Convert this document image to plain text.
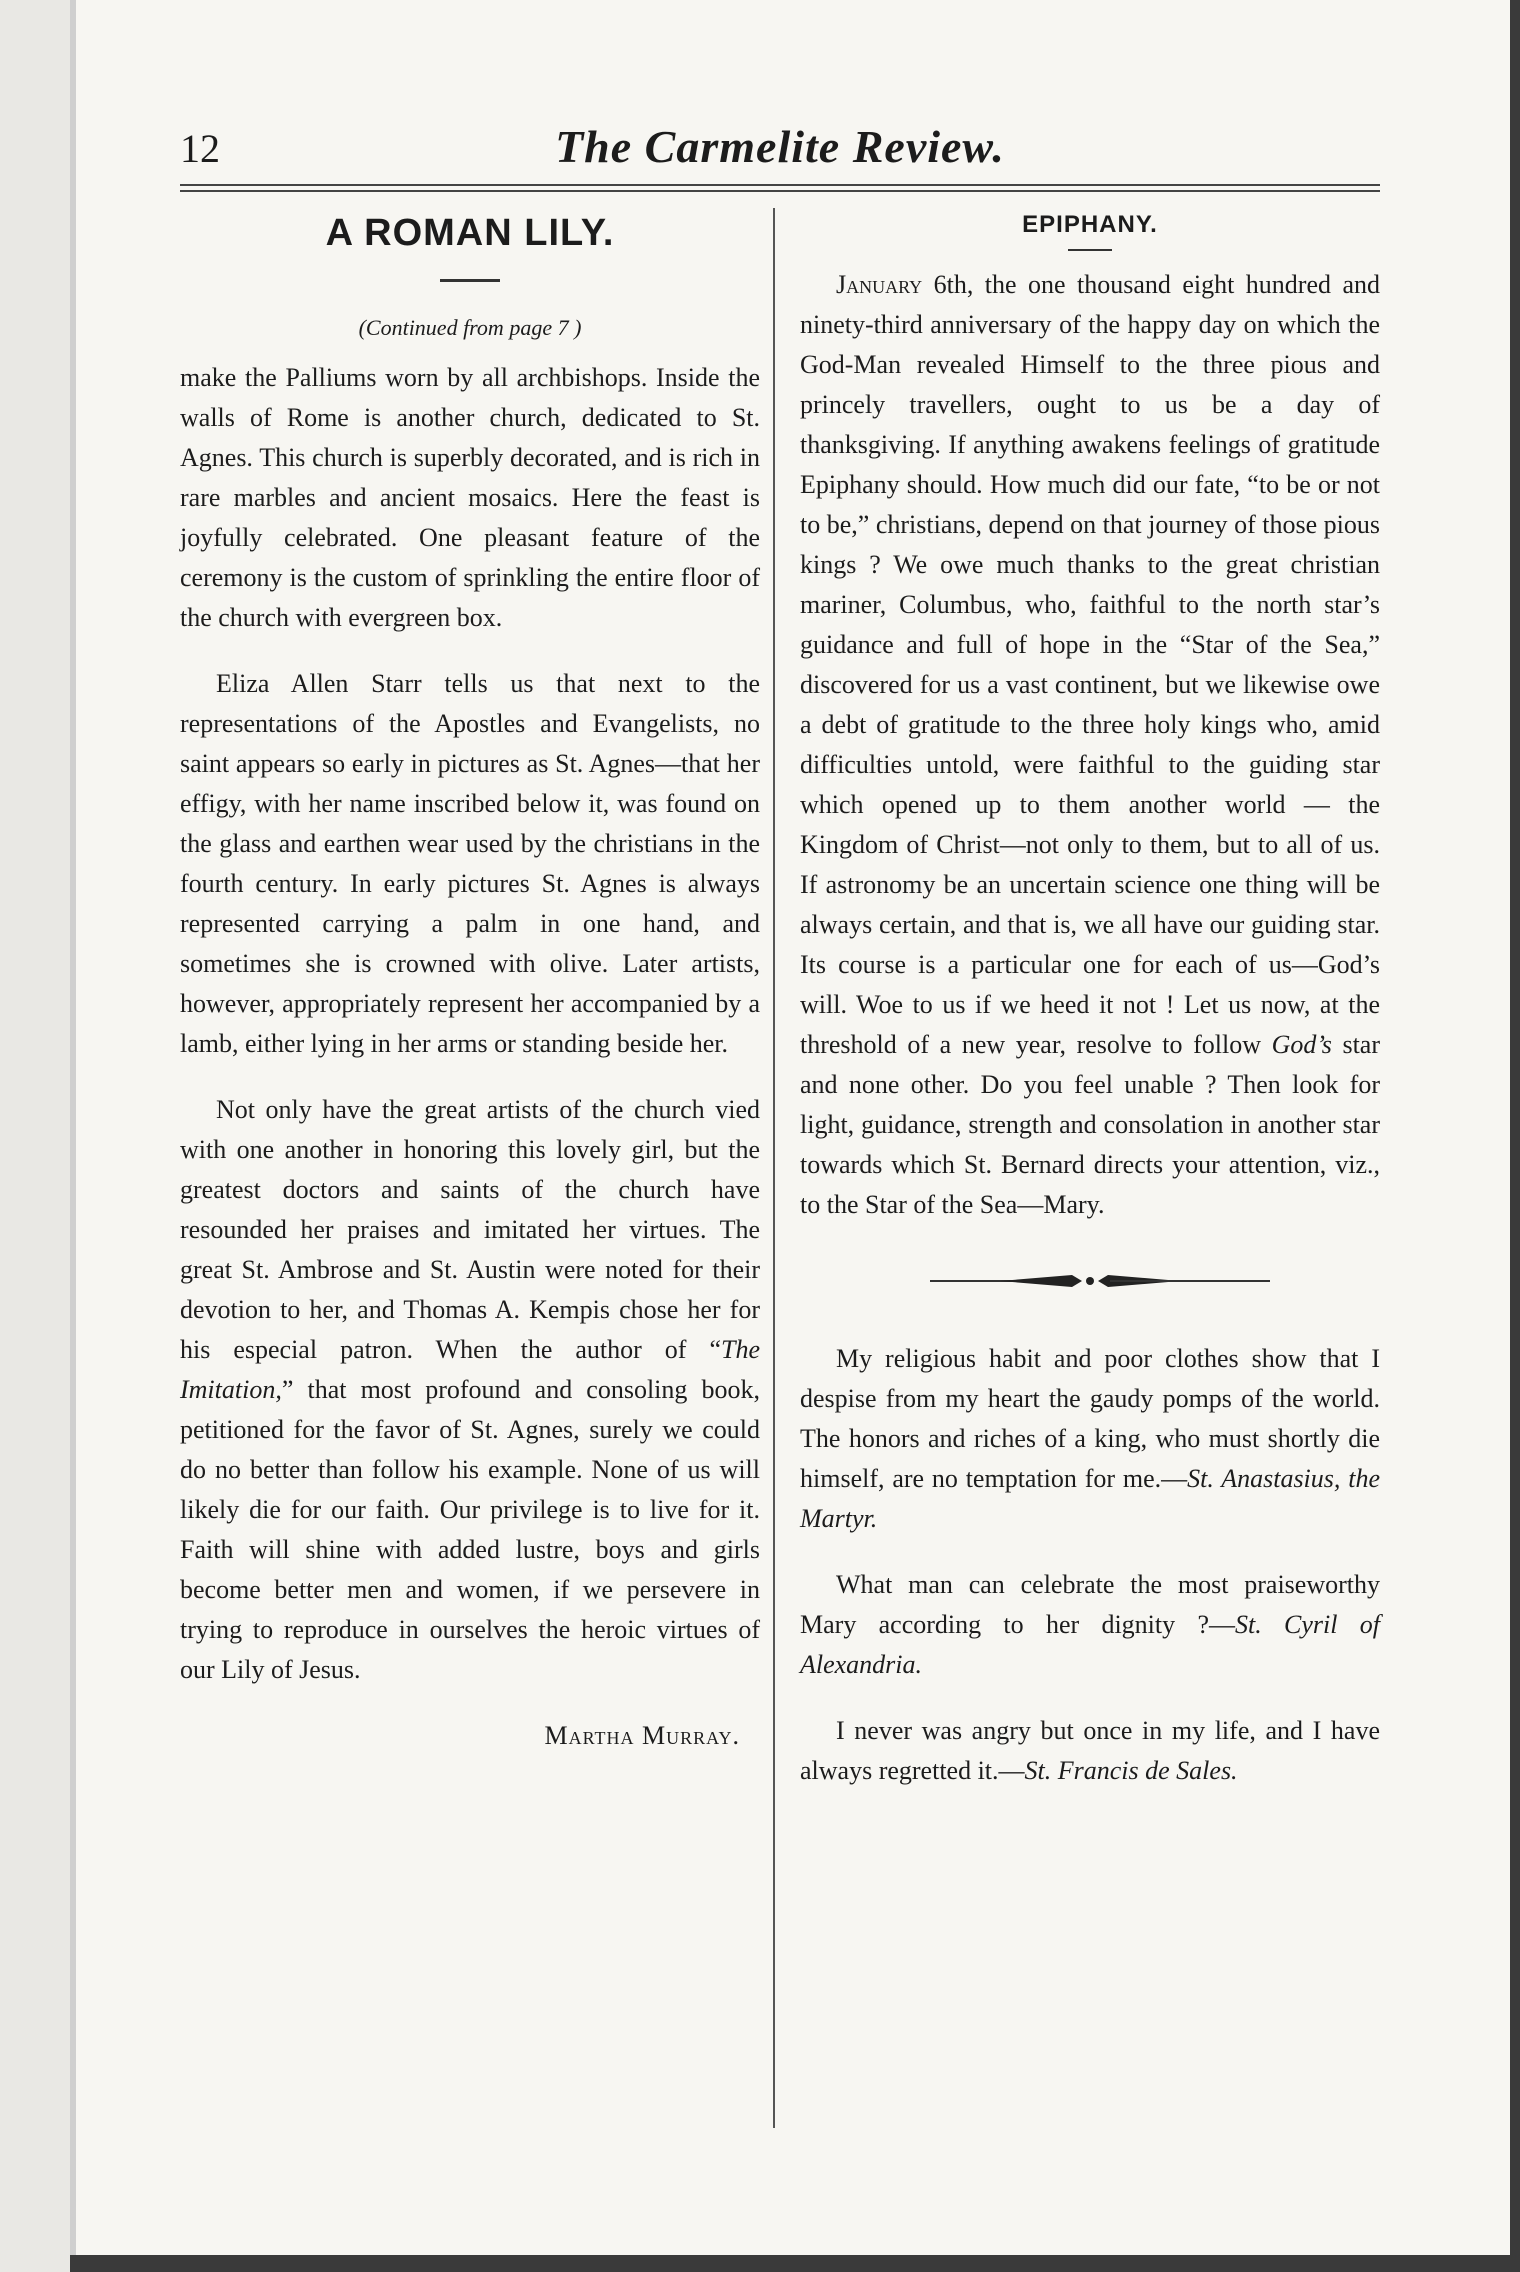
12	The Carmelite Review.
A ROMAN LILY.
(Continued from page 7 )

make the Palliums worn by all archbishops. Inside the walls of Rome is another church, dedicated to St. Agnes. This church is superbly decorated, and is rich in rare marbles and ancient mosaics. Here the feast is joyfully celebrated. One pleasant feature of the ceremony is the custom of sprinkling the entire floor of the church with evergreen box.

Eliza Allen Starr tells us that next to the representations of the Apostles and Evangelists, no saint appears so early in pictures as St. Agnes—that her effigy, with her name inscribed below it, was found on the glass and earthen wear used by the christians in the fourth century. In early pictures St. Agnes is always represented carrying a palm in one hand, and sometimes she is crowned with olive. Later artists, however, appropriately represent her accompanied by a lamb, either lying in her arms or standing beside her.

Not only have the great artists of the church vied with one another in honoring this lovely girl, but the greatest doctors and saints of the church have resounded her praises and imitated her virtues. The great St. Ambrose and St. Austin were noted for their devotion to her, and Thomas A. Kempis chose her for his especial patron. When the author of “The Imitation,” that most profound and consoling book, petitioned for the favor of St. Agnes, surely we could do no better than follow his example. None of us will likely die for our faith. Our privilege is to live for it. Faith will shine with added lustre, boys and girls become better men and women, if we persevere in trying to reproduce in ourselves the heroic virtues of our Lily of Jesus.

Martha Murray.
EPIPHANY.

January 6th, the one thousand eight hundred and ninety-third anniversary of the happy day on which the God-Man revealed Himself to the three pious and princely travellers, ought to us be a day of thanksgiving. If anything awakens feelings of gratitude Epiphany should. How much did our fate, “to be or not to be,” christians, depend on that journey of those pious kings ? We owe much thanks to the great christian mariner, Columbus, who, faithful to the north star’s guidance and full of hope in the “Star of the Sea,” discovered for us a vast continent, but we likewise owe a debt of gratitude to the three holy kings who, amid difficulties untold, were faithful to the guiding star which opened up to them another world — the Kingdom of Christ—not only to them, but to all of us. If astronomy be an uncertain science one thing will be always certain, and that is, we all have our guiding star. Its course is a particular one for each of us—God’s will. Woe to us if we heed it not ! Let us now, at the threshold of a new year, resolve to follow God’s star and none other. Do you feel unable ? Then look for light, guidance, strength and consolation in another star towards which St. Bernard directs your attention, viz., to the Star of the Sea—Mary.

My religious habit and poor clothes show that I despise from my heart the gaudy pomps of the world. The honors and riches of a king, who must shortly die himself, are no temptation for me.—St. Anastasius, the Martyr.

What man can celebrate the most praiseworthy Mary according to her dignity ?—St. Cyril of Alexandria.

I never was angry but once in my life, and I have always regretted it.—St. Francis de Sales.
